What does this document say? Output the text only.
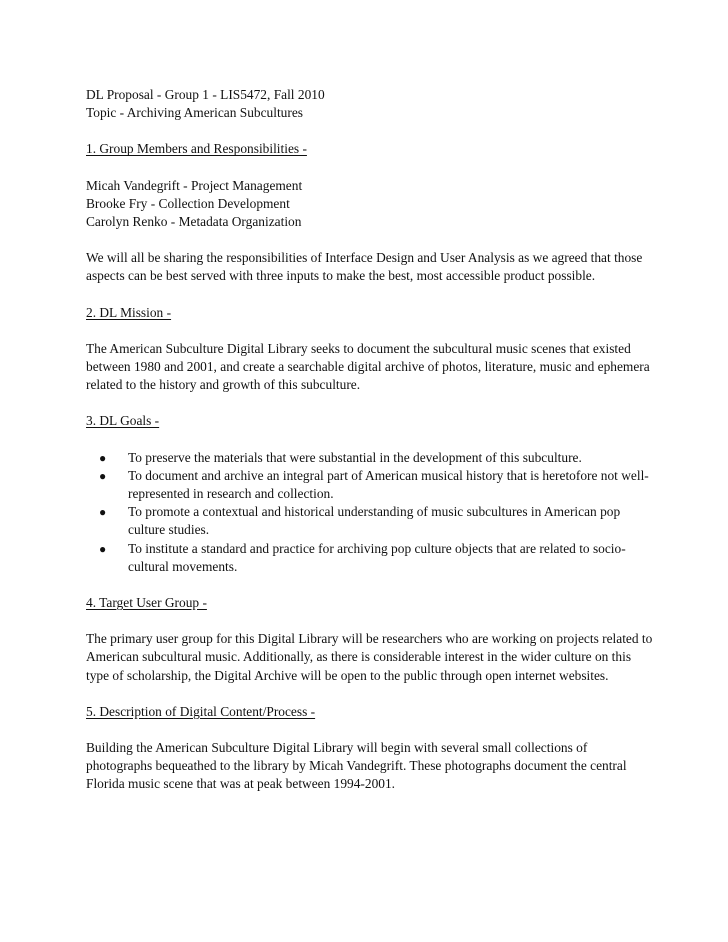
DL Proposal - Group 1 - LIS5472, Fall 2010

Topic - Archiving American Subcultures

1. Group Members and Responsibilities -

Micah Vandegrift - Project Management

Brooke Fry - Collection Development

Carolyn Renko - Metadata Organization

We will all be sharing the responsibilities of Interface Design and User Analysis as we agreed that those aspects can be best served with three inputs to make the best, most accessible product possible.

2. DL Mission -

The American Subculture Digital Library seeks to document the subcultural music scenes that existed between 1980 and 2001, and create a searchable digital archive of photos, literature, music and ephemera related to the history and growth of this subculture.

3. DL Goals -

● To preserve the materials that were substantial in the development of this subculture.
● To document and archive an integral part of American musical history that is heretofore not well-represented in research and collection.
● To promote a contextual and historical understanding of music subcultures in American pop culture studies.
● To institute a standard and practice for archiving pop culture objects that are related to socio-cultural movements.

4. Target User Group -

The primary user group for this Digital Library will be researchers who are working on projects related to American subcultural music. Additionally, as there is considerable interest in the wider culture on this type of scholarship, the Digital Archive will be open to the public through open internet websites.

5. Description of Digital Content/Process -

Building the American Subculture Digital Library will begin with several small collections of photographs bequeathed to the library by Micah Vandegrift. These photographs document the central Florida music scene that was at peak between 1994-2001.
